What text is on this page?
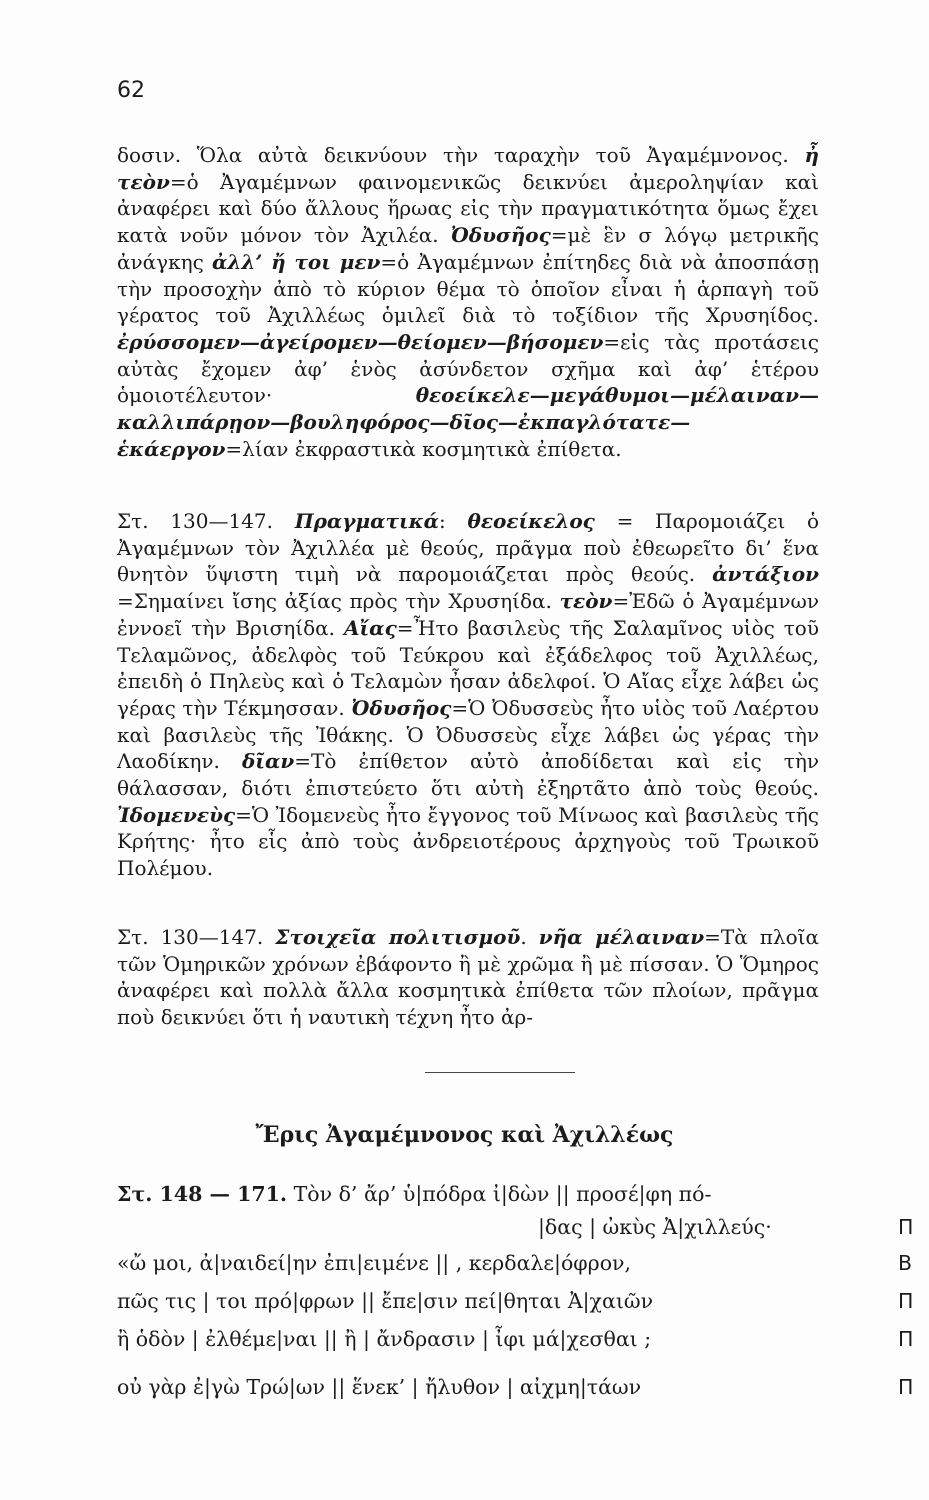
62
δοσιν. Ὅλα αὐτὰ δεικνύουν τὴν ταραχὴν τοῦ Ἀγαμέμνονος. ἦ τεὸν=ὁ Ἀγαμέμνων φαινομενικῶς δεικνύει ἀμεροληψίαν καὶ ἀναφέρει καὶ δύο ἄλλους ἥρωας εἰς τὴν πραγματικότητα ὅμως ἔχει κατὰ νοῦν μόνον τὸν Ἀχιλέα. Ὀδυσῆος=μὲ ἓν σ λόγῳ μετρικῆς ἀνάγκης ἀλλ’ ἤ τοι μεν=ὁ Ἀγαμέμνων ἐπίτηδες διὰ νὰ ἀποσπάσῃ τὴν προσοχὴν ἀπὸ τὸ κύριον θέμα τὸ ὁποῖον εἶναι ἡ ἁρπαγὴ τοῦ γέρατος τοῦ Ἀχιλλέως ὁμιλεῖ διὰ τὸ τοξίδιον τῆς Χρυσηίδος. ἐρύσσομεν—ἀγείρομεν—θείομεν—βήσομεν=εἰς τὰς προτάσεις αὐτὰς ἔχομεν ἀφ’ ἑνὸς ἀσύνδετον σχῆμα καὶ ἀφ’ ἑτέρου ὁμοιοτέλευτον· θεοείκελε—μεγάθυμοι—μέλαιναν—καλλιπάρῃον—βουληφόρος—δῖος—ἐκπαγλότατε—ἑκάεργον=λίαν ἐκφραστικὰ κοσμητικὰ ἐπίθετα.
Στ. 130—147. Πραγματικά: θεοείκελος = Παρομοιάζει ὁ Ἀγαμέμνων τὸν Ἀχιλλέα μὲ θεούς, πρᾶγμα ποὺ ἐθεωρεῖτο δι’ ἕνα θνητὸν ὕψιστη τιμὴ νὰ παρομοιάζεται πρὸς θεούς. ἀντάξιον =Σημαίνει ἴσης ἀξίας πρὸς τὴν Χρυσηίδα. τεὸν=Ἐδῶ ὁ Ἀγαμέμνων ἐννοεῖ τὴν Βρισηίδα. Αἴας=Ἦτο βασιλεὺς τῆς Σαλαμῖνος υἱὸς τοῦ Τελαμῶνος, ἀδελφὸς τοῦ Τεύκρου καὶ ἐξάδελφος τοῦ Ἀχιλλέως, ἐπειδὴ ὁ Πηλεὺς καὶ ὁ Τελαμὼν ἦσαν ἀδελφοί. Ὁ Αἴας εἶχε λάβει ὡς γέρας τὴν Τέκμησσαν. Ὀδυσῆος=Ὁ Ὀδυσσεὺς ἦτο υἱὸς τοῦ Λαέρτου καὶ βασιλεὺς τῆς Ἰθάκης. Ὁ Ὀδυσσεὺς εἶχε λάβει ὡς γέρας τὴν Λαοδίκην. δῖαν=Τὸ ἐπίθετον αὐτὸ ἀποδίδεται καὶ εἰς τὴν θάλασσαν, διότι ἐπιστεύετο ὅτι αὐτὴ ἐξηρτᾶτο ἀπὸ τοὺς θεούς. Ἰδομενεὺς=Ὁ Ἰδομενεὺς ἦτο ἔγγονος τοῦ Μίνωος καὶ βασιλεὺς τῆς Κρήτης· ἦτο εἷς ἀπὸ τοὺς ἀνδρειοτέρους ἀρχηγοὺς τοῦ Τρωικοῦ Πολέμου.
Στ. 130—147. Στοιχεῖα πολιτισμοῦ. νῆα μέλαιναν=Τὰ πλοῖα τῶν Ὁμηρικῶν χρόνων ἐβάφοντο ἢ μὲ χρῶμα ἢ μὲ πίσσαν. Ὁ Ὅμηρος ἀναφέρει καὶ πολλὰ ἄλλα κοσμητικὰ ἐπίθετα τῶν πλοίων, πρᾶγμα ποὺ δεικνύει ὅτι ἡ ναυτικὴ τέχνη ἦτο ἀρ-
Ἔρις Ἀγαμέμνονος καὶ Ἀχιλλέως
Στ. 148 — 171. Τὸν δ’ ἄρ’ ὑ|πόδρα ἰ|δὼν || προσέ|φη πό-
|δας | ὠκὺς Ἀ|χιλλεύς·
«ὤ μοι, ἀ|ναιδεί|ην ἐπι|ειμένε || , κερδαλε|όφρον,
πῶς τις | τοι πρό|φρων || ἔπε|σιν πεί|θηται Ἀ|χαιῶν
ἢ ὁδὸν | ἐλθέμε|ναι || ἢ | ἄνδρασιν | ἶφι μά|χεσθαι ;
οὐ γὰρ ἐ|γὼ Τρώ|ων || ἕνεκ’ | ἤλυθον | αἰχμη|τάων
Π
Β
Π
Π
Π
